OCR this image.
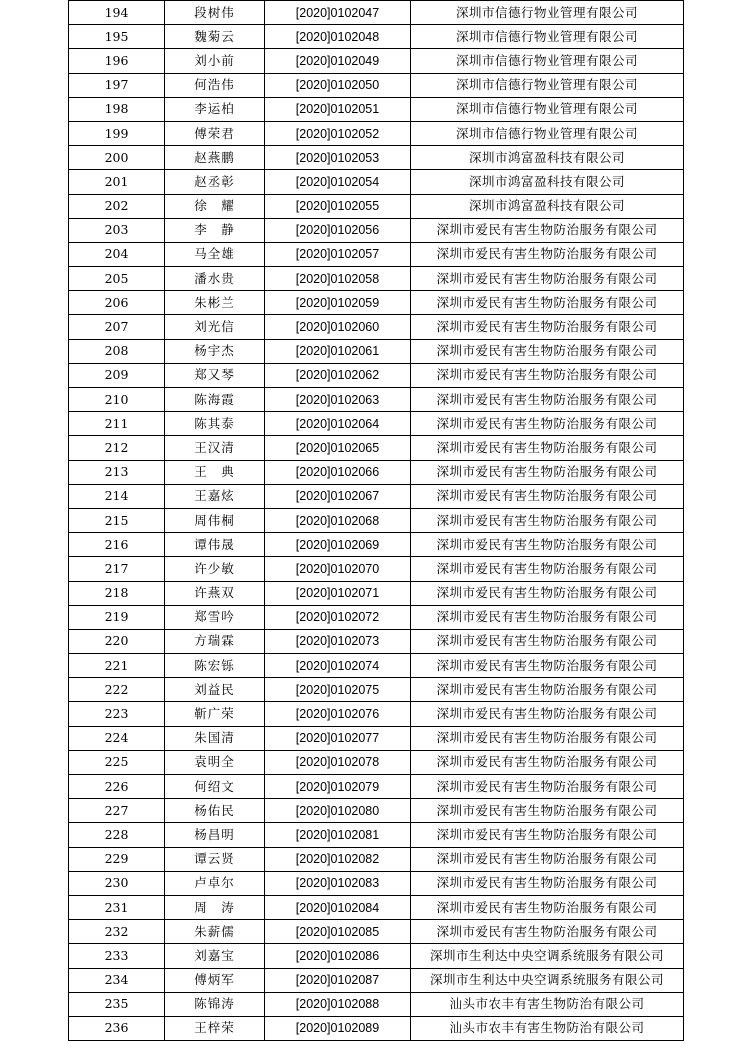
194	段树伟	[2020]0102047	深圳市信德行物业管理有限公司
195	魏菊云	[2020]0102048	深圳市信德行物业管理有限公司
196	刘小前	[2020]0102049	深圳市信德行物业管理有限公司
197	何浩伟	[2020]0102050	深圳市信德行物业管理有限公司
198	李运柏	[2020]0102051	深圳市信德行物业管理有限公司
199	傅荣君	[2020]0102052	深圳市信德行物业管理有限公司
200	赵燕鹏	[2020]0102053	深圳市鸿富盈科技有限公司
201	赵丞彰	[2020]0102054	深圳市鸿富盈科技有限公司
202	徐　耀	[2020]0102055	深圳市鸿富盈科技有限公司
203	李　静	[2020]0102056	深圳市爱民有害生物防治服务有限公司
204	马全雄	[2020]0102057	深圳市爱民有害生物防治服务有限公司
205	潘水贵	[2020]0102058	深圳市爱民有害生物防治服务有限公司
206	朱彬兰	[2020]0102059	深圳市爱民有害生物防治服务有限公司
207	刘光信	[2020]0102060	深圳市爱民有害生物防治服务有限公司
208	杨宇杰	[2020]0102061	深圳市爱民有害生物防治服务有限公司
209	郑又琴	[2020]0102062	深圳市爱民有害生物防治服务有限公司
210	陈海霞	[2020]0102063	深圳市爱民有害生物防治服务有限公司
211	陈其泰	[2020]0102064	深圳市爱民有害生物防治服务有限公司
212	王汉清	[2020]0102065	深圳市爱民有害生物防治服务有限公司
213	王　典	[2020]0102066	深圳市爱民有害生物防治服务有限公司
214	王嘉炫	[2020]0102067	深圳市爱民有害生物防治服务有限公司
215	周伟桐	[2020]0102068	深圳市爱民有害生物防治服务有限公司
216	谭伟晟	[2020]0102069	深圳市爱民有害生物防治服务有限公司
217	许少敏	[2020]0102070	深圳市爱民有害生物防治服务有限公司
218	许燕双	[2020]0102071	深圳市爱民有害生物防治服务有限公司
219	郑雪吟	[2020]0102072	深圳市爱民有害生物防治服务有限公司
220	方瑞霖	[2020]0102073	深圳市爱民有害生物防治服务有限公司
221	陈宏铄	[2020]0102074	深圳市爱民有害生物防治服务有限公司
222	刘益民	[2020]0102075	深圳市爱民有害生物防治服务有限公司
223	靳广荣	[2020]0102076	深圳市爱民有害生物防治服务有限公司
224	朱国清	[2020]0102077	深圳市爱民有害生物防治服务有限公司
225	袁明全	[2020]0102078	深圳市爱民有害生物防治服务有限公司
226	何绍文	[2020]0102079	深圳市爱民有害生物防治服务有限公司
227	杨佑民	[2020]0102080	深圳市爱民有害生物防治服务有限公司
228	杨昌明	[2020]0102081	深圳市爱民有害生物防治服务有限公司
229	谭云贤	[2020]0102082	深圳市爱民有害生物防治服务有限公司
230	卢卓尔	[2020]0102083	深圳市爱民有害生物防治服务有限公司
231	周　涛	[2020]0102084	深圳市爱民有害生物防治服务有限公司
232	朱薪儒	[2020]0102085	深圳市爱民有害生物防治服务有限公司
233	刘嘉宝	[2020]0102086	深圳市生利达中央空调系统服务有限公司
234	傅炳军	[2020]0102087	深圳市生利达中央空调系统服务有限公司
235	陈锦涛	[2020]0102088	汕头市农丰有害生物防治有限公司
236	王梓荣	[2020]0102089	汕头市农丰有害生物防治有限公司
